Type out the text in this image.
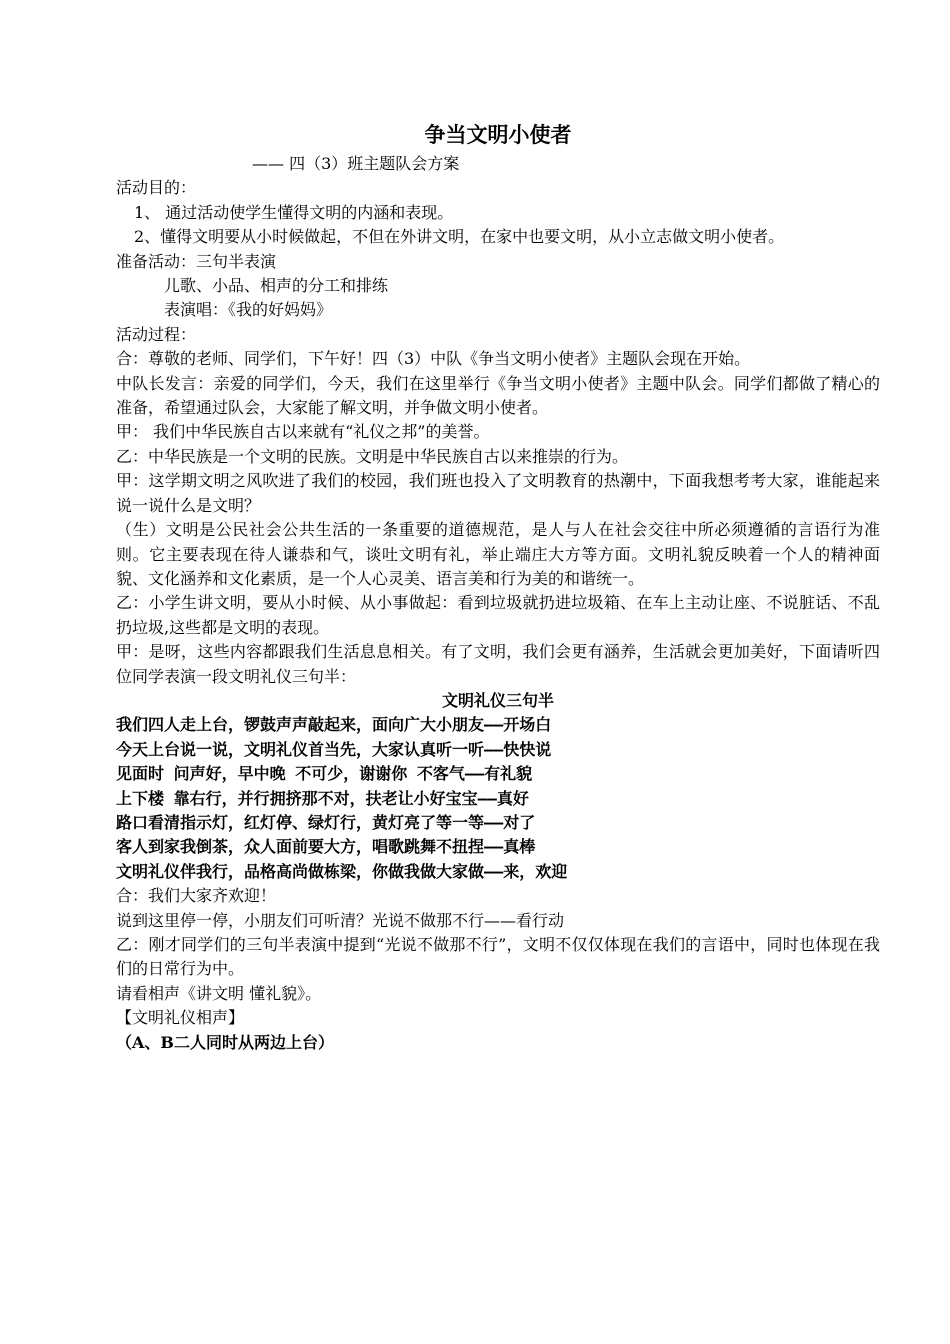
争当文明小使者
—— 四（3）班主题队会方案
活动目的：
1、 通过活动使学生懂得文明的内涵和表现。
2、懂得文明要从小时候做起，不但在外讲文明，在家中也要文明，从小立志做文明小使者。
准备活动：三句半表演
儿歌、小品、相声的分工和排练
表演唱：《我的好妈妈》
活动过程：
合：尊敬的老师、同学们，下午好！四（3）中队《争当文明小使者》主题队会现在开始。
中队长发言：亲爱的同学们，今天，我们在这里举行《争当文明小使者》主题中队会。同学们都做了精心的准备，希望通过队会，大家能了解文明，并争做文明小使者。
甲： 我们中华民族自古以来就有“礼仪之邦”的美誉。
乙：中华民族是一个文明的民族。文明是中华民族自古以来推崇的行为。
甲：这学期文明之风吹进了我们的校园，我们班也投入了文明教育的热潮中，下面我想考考大家，谁能起来说一说什么是文明？
（生）文明是公民社会公共生活的一条重要的道德规范，是人与人在社会交往中所必须遵循的言语行为准则。它主要表现在待人谦恭和气，谈吐文明有礼，举止端庄大方等方面。文明礼貌反映着一个人的精神面貌、文化涵养和文化素质，是一个人心灵美、语言美和行为美的和谐统一。
乙：小学生讲文明，要从小时候、从小事做起：看到垃圾就扔进垃圾箱、在车上主动让座、不说脏话、不乱扔垃圾,这些都是文明的表现。
甲：是呀，这些内容都跟我们生活息息相关。有了文明，我们会更有涵养，生活就会更加美好，下面请听四位同学表演一段文明礼仪三句半：
文明礼仪三句半
我们四人走上台，锣鼓声声敲起来，面向广大小朋友——开场白
今天上台说一说，文明礼仪首当先，大家认真听一听——快快说
见面时 问声好，早中晚 不可少，谢谢你 不客气——有礼貌
上下楼 靠右行，并行拥挤那不对，扶老让小好宝宝——真好
路口看清指示灯，红灯停、绿灯行，黄灯亮了等一等——对了
客人到家我倒茶，众人面前要大方，唱歌跳舞不扭捏——真棒
文明礼仪伴我行，品格高尚做栋梁，你做我做大家做——来，欢迎
合：我们大家齐欢迎！
说到这里停一停，小朋友们可听清？光说不做那不行——看行动
乙：刚才同学们的三句半表演中提到“光说不做那不行”，文明不仅仅体现在我们的言语中，同时也体现在我们的日常行为中。
请看相声《讲文明 懂礼貌》。
【文明礼仪相声】
（A、B二人同时从两边上台）
